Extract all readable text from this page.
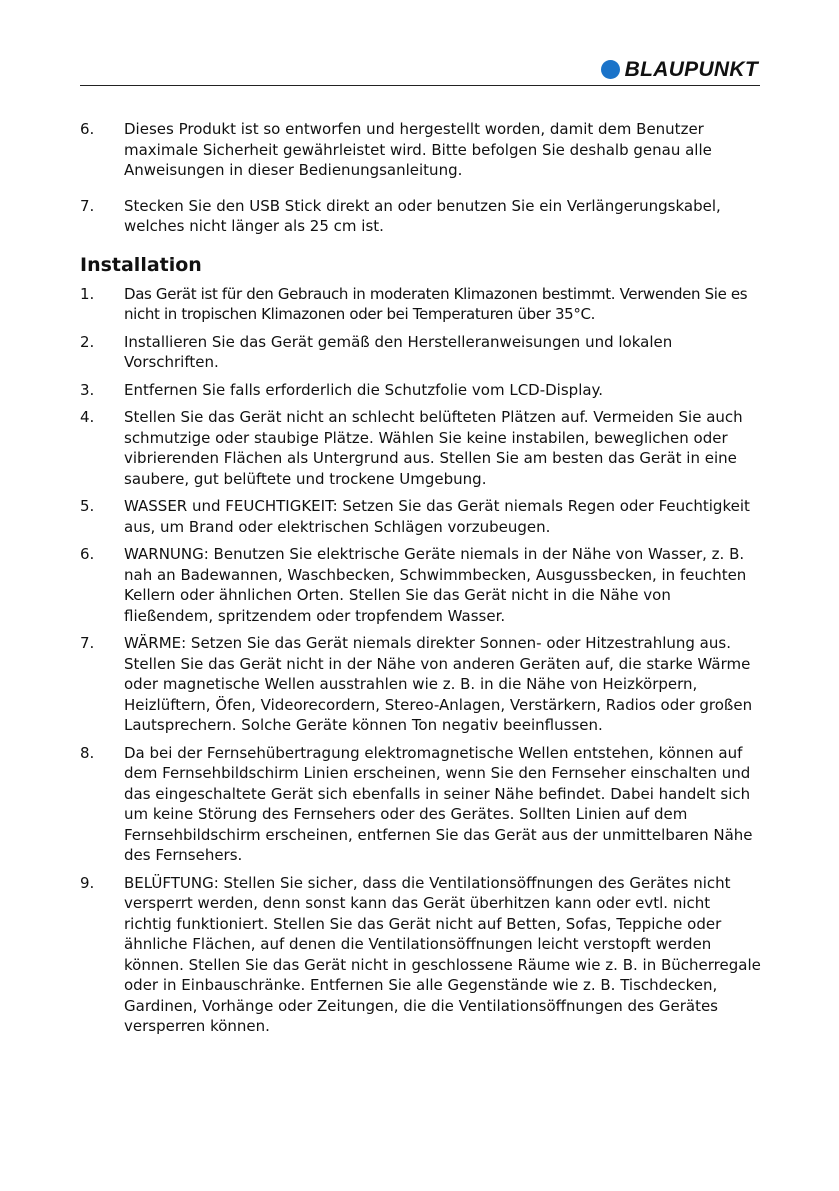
BLAUPUNKT
6.	Dieses Produkt ist so entworfen und hergestellt worden, damit dem Benutzer maximale Sicherheit gewährleistet wird. Bitte befolgen Sie deshalb genau alle Anweisungen in dieser Bedienungsanleitung.
7.	Stecken Sie den USB Stick direkt an oder benutzen Sie ein Verlängerungskabel, welches nicht länger als 25 cm ist.
Installation
1.	Das Gerät ist für den Gebrauch in moderaten Klimazonen bestimmt. Verwenden Sie es nicht in tropischen Klimazonen oder bei Temperaturen über 35°C.
2.	Installieren Sie das Gerät gemäß den Herstelleranweisungen und lokalen Vorschriften.
3.	Entfernen Sie falls erforderlich die Schutzfolie vom LCD-Display.
4.	Stellen Sie das Gerät nicht an schlecht belüfteten Plätzen auf. Vermeiden Sie auch schmutzige oder staubige Plätze. Wählen Sie keine instabilen, beweglichen oder vibrierenden Flächen als Untergrund aus. Stellen Sie am besten das Gerät in eine saubere, gut belüftete und trockene Umgebung.
5.	WASSER und FEUCHTIGKEIT: Setzen Sie das Gerät niemals Regen oder Feuchtigkeit aus, um Brand oder elektrischen Schlägen vorzubeugen.
6.	WARNUNG: Benutzen Sie elektrische Geräte niemals in der Nähe von Wasser, z. B. nah an Badewannen, Waschbecken, Schwimmbecken, Ausgussbecken, in feuchten Kellern oder ähnlichen Orten. Stellen Sie das Gerät nicht in die Nähe von fließendem, spritzendem oder tropfendem Wasser.
7.	WÄRME: Setzen Sie das Gerät niemals direkter Sonnen- oder Hitzestrahlung aus. Stellen Sie das Gerät nicht in der Nähe von anderen Geräten auf, die starke Wärme oder magnetische Wellen ausstrahlen wie z. B. in die Nähe von Heizkörpern, Heizlüftern, Öfen, Videorecordern, Stereo-Anlagen, Verstärkern, Radios oder großen Lautsprechern. Solche Geräte können Ton negativ beeinflussen.
8.	Da bei der Fernsehübertragung elektromagnetische Wellen entstehen, können auf dem Fernsehbildschirm Linien erscheinen, wenn Sie den Fernseher einschalten und das eingeschaltete Gerät sich ebenfalls in seiner Nähe befindet. Dabei handelt sich um keine Störung des Fernsehers oder des Gerätes. Sollten Linien auf dem Fernsehbildschirm erscheinen, entfernen Sie das Gerät aus der unmittelbaren Nähe des Fernsehers.
9.	BELÜFTUNG: Stellen Sie sicher, dass die Ventilationsöffnungen des Gerätes nicht versperrt werden, denn sonst kann das Gerät überhitzen kann oder evtl. nicht richtig funktioniert. Stellen Sie das Gerät nicht auf Betten, Sofas, Teppiche oder ähnliche Flächen, auf denen die Ventilationsöffnungen leicht verstopft werden können. Stellen Sie das Gerät nicht in geschlossene Räume wie z. B. in Bücherregale oder in Einbauschränke. Entfernen Sie alle Gegenstände wie z. B. Tischdecken, Gardinen, Vorhänge oder Zeitungen, die die Ventilationsöffnungen des Gerätes versperren können.
